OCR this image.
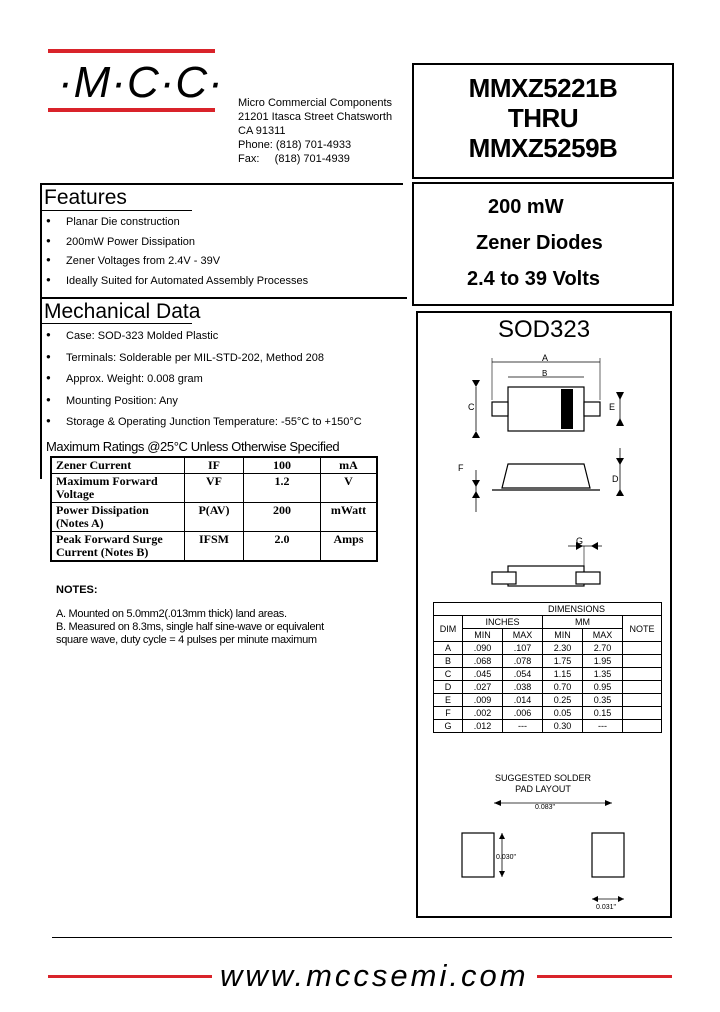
·M·C·C· Micro Commercial Components
21201 Itasca Street Chatsworth
CA 91311
Phone: (818) 701-4933
Fax:     (818) 701-4939
MMXZ5221B
THRU
MMXZ5259B
200 mW
Zener Diodes
2.4 to 39 Volts
Features
● Planar Die construction
● 200mW Power Dissipation
● Zener Voltages from 2.4V - 39V
● Ideally Suited for Automated Assembly Processes
Mechanical Data
● Case: SOD-323 Molded Plastic
● Terminals: Solderable per MIL-STD-202, Method 208
● Approx. Weight: 0.008 gram
● Mounting Position: Any
● Storage & Operating Junction Temperature: -55°C to +150°C
Maximum Ratings @25°C Unless Otherwise Specified
Zener Current	IF	100	mA
Maximum Forward Voltage	VF	1.2	V
Power Dissipation (Notes A)	P(AV)	200	mWatt
Peak Forward Surge Current (Notes B)	IFSM	2.0	Amps
NOTES:
A. Mounted on 5.0mm2(.013mm thick) land areas.
B. Measured on 8.3ms, single half sine-wave or equivalent
square wave, duty cycle = 4 pulses per minute maximum
SOD323
A
B
C	E
F
D
G
DIMENSIONS					
DIM	INCHES		MM		NOTE
	MIN	MAX	MIN	MAX	
A	.090	.107	2.30	2.70	
B	.068	.078	1.75	1.95	
C	.045	.054	1.15	1.35	
D	.027	.038	0.70	0.95	
E	.009	.014	0.25	0.35	
F	.002	.006	0.05	0.15	
G	.012	---	0.30	---	
SUGGESTED SOLDER
PAD LAYOUT
0.083"
0.030"
0.031"
www.mccsemi.com
